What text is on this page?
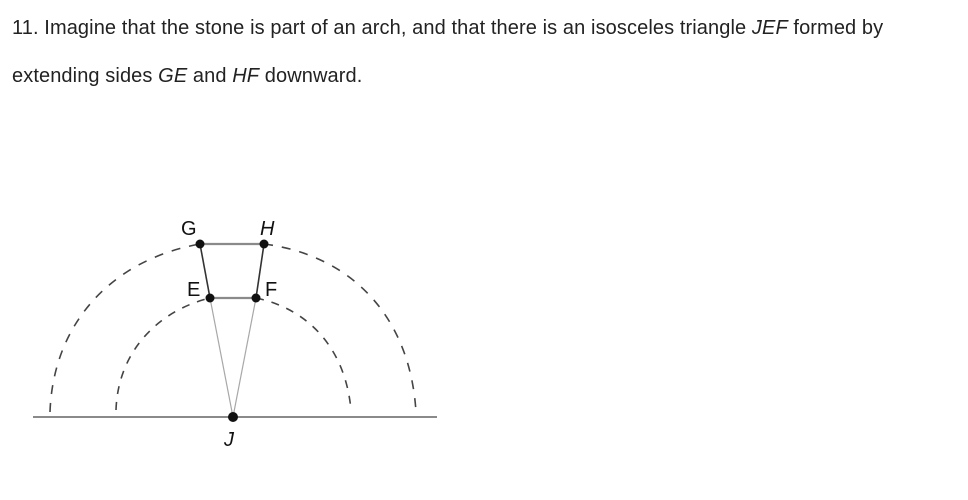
11. Imagine that the stone is part of an arch, and that there is an isosceles triangle JEF formed by extending sides GE and HF downward.
G	H
E	F
J
